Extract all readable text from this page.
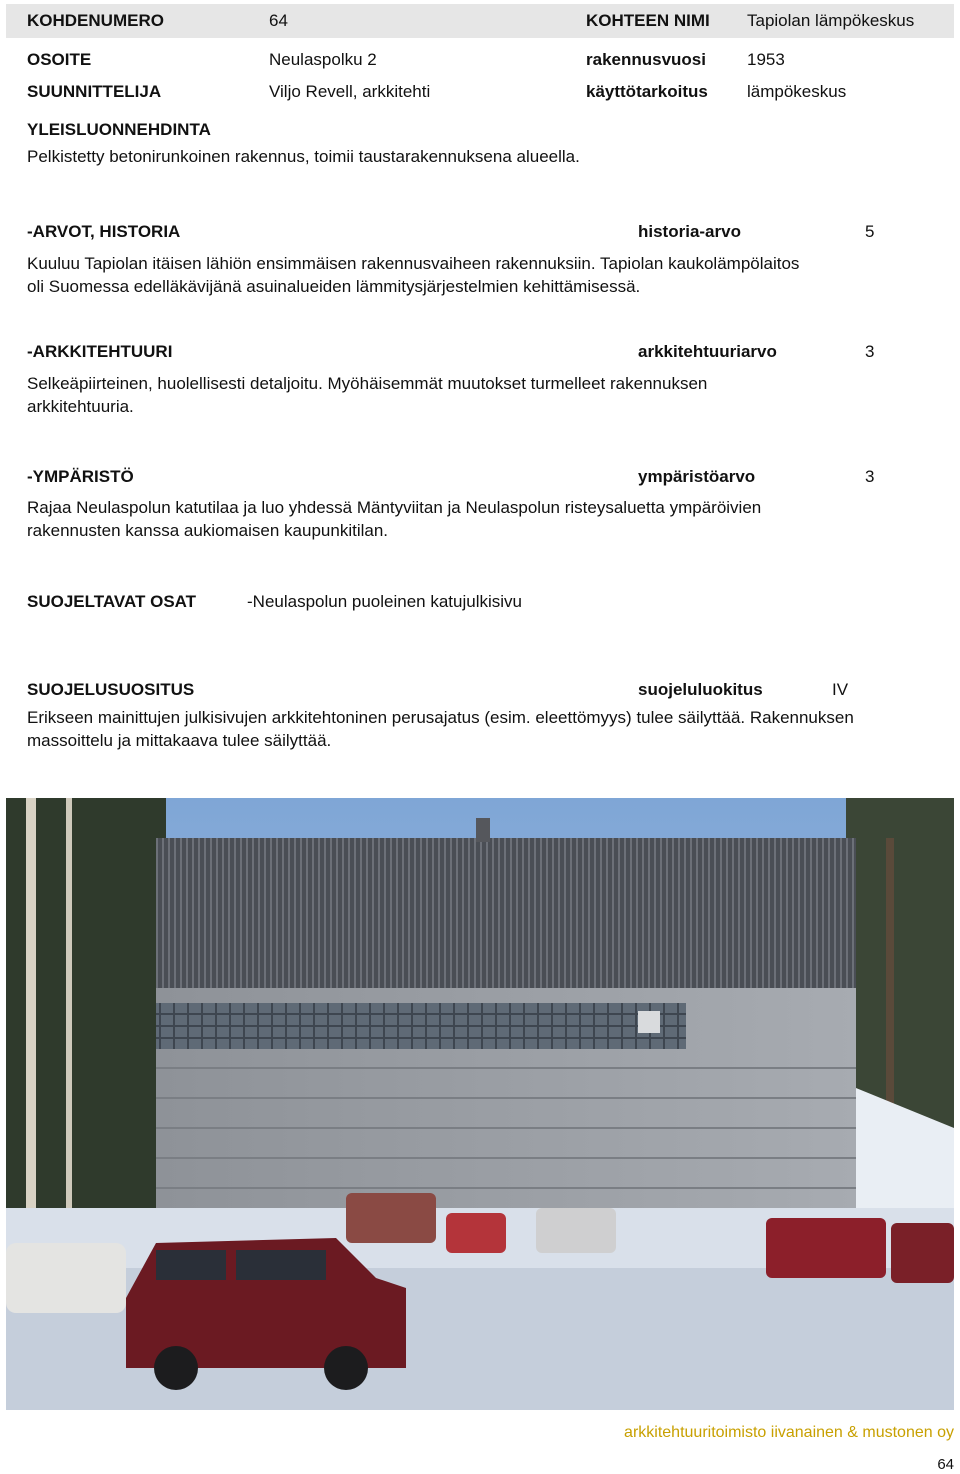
KOHDENUMERO	64	KOHTEEN NIMI Tapiolan lämpökeskus
OSOITE	Neulaspolku 2	rakennusvuosi 1953
SUUNNITTELIJA	Viljo Revell, arkkitehti	käyttötarkoitus lämpökeskus
YLEISLUONNEHDINTA
Pelkistetty betonirunkoinen rakennus, toimii taustarakennuksena alueella.
-ARVOT, HISTORIA	historia-arvo	5
Kuuluu Tapiolan itäisen lähiön ensimmäisen rakennusvaiheen rakennuksiin. Tapiolan kaukolämpölaitos
oli Suomessa edelläkävijänä asuinalueiden lämmitysjärjestelmien kehittämisessä.
-ARKKITEHTUURI	arkkitehtuuriarvo	3
Selkeäpiirteinen, huolellisesti detaljoitu. Myöhäisemmät muutokset turmelleet rakennuksen
arkkitehtuuria.
-YMPÄRISTÖ	ympäristöarvo	3
Rajaa Neulaspolun katutilaa ja luo yhdessä Mäntyviitan ja Neulaspolun risteysaluetta ympäröivien
rakennusten kanssa aukiomaisen kaupunkitilan.
SUOJELTAVAT OSAT	-Neulaspolun puoleinen katujulkisivu
SUOJELUSUOSITUS	suojeluluokitus	IV
Erikseen mainittujen julkisivujen arkkitehtoninen perusajatus (esim. eleettömyys) tulee säilyttää. Rakennuksen
massoittelu ja mittakaava tulee säilyttää.
arkkitehtuuritoimisto iivanainen & mustonen oy
64
